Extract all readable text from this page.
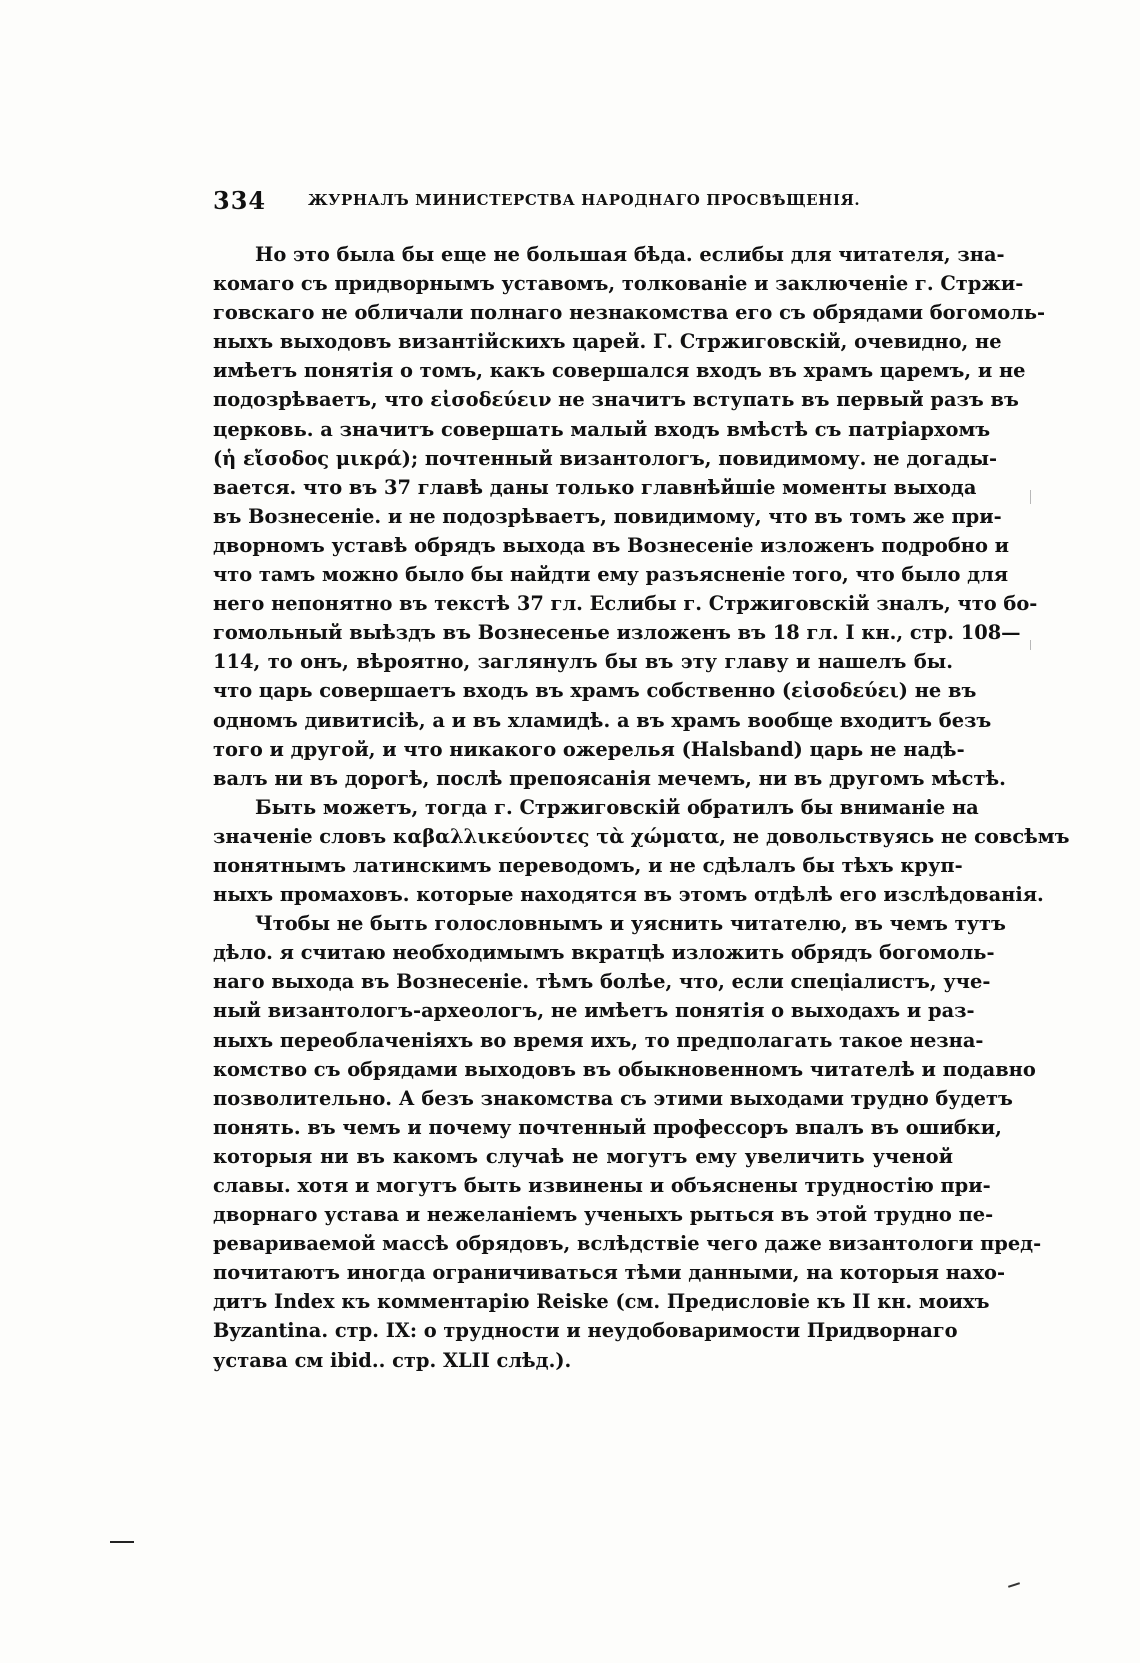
334	ЖУРНАЛЪ МИНИСТЕРСТВА НАРОДНАГО ПРОСВѢЩЕНІЯ.
Но это была бы еще не большая бѣда. еслибы для читателя, зна-
комаго съ придворнымъ уставомъ, толкованіе и заключеніе г. Стржи-
говскаго не обличали полнаго незнакомства его съ обрядами богомоль-
ныхъ выходовъ византійскихъ царей. Г. Стржиговскій, очевидно, не
имѣетъ понятія о томъ, какъ совершался входъ въ храмъ царемъ, и не
подозрѣваетъ, что εἰσοδεύειν не значитъ вступать въ первый разъ въ
церковь. а значитъ совершать малый входъ вмѣстѣ съ патріархомъ
(ἡ εἴσοδος μικρά); почтенный византологъ, повидимому. не догады-
вается. что въ 37 главѣ даны только главнѣйшіе моменты выхода
въ Вознесеніе. и не подозрѣваетъ, повидимому, что въ томъ же при-
дворномъ уставѣ обрядъ выхода въ Вознесеніе изложенъ подробно и
что тамъ можно было бы найдти ему разъясненіе того, что было для
него непонятно въ текстѣ 37 гл. Еслибы г. Стржиговскій зналъ, что бо-
гомольный выѣздъ въ Вознесенье изложенъ въ 18 гл. I кн., стр. 108—
114, то онъ, вѣроятно, заглянулъ бы въ эту главу и нашелъ бы.
что царь совершаетъ входъ въ храмъ собственно (εἰσοδεύει) не въ
одномъ дивитисіѣ, а и въ хламидѣ. а въ храмъ вообще входитъ безъ
того и другой, и что никакого ожерелья (Halsband) царь не надѣ-
валъ ни въ дорогѣ, послѣ препоясанія мечемъ, ни въ другомъ мѣстѣ.
Быть можетъ, тогда г. Стржиговскій обратилъ бы вниманіе на
значеніе словъ καβαλλικεύοντες τὰ χώματα, не довольствуясь не совсѣмъ
понятнымъ латинскимъ переводомъ, и не сдѣлалъ бы тѣхъ круп-
ныхъ промаховъ. которые находятся въ этомъ отдѣлѣ его изслѣдованія.
Чтобы не быть голословнымъ и уяснить читателю, въ чемъ тутъ
дѣло. я считаю необходимымъ вкратцѣ изложить обрядъ богомоль-
наго выхода въ Вознесеніе. тѣмъ болѣе, что, если спеціалистъ, уче-
ный византологъ-археологъ, не имѣетъ понятія о выходахъ и раз-
ныхъ переоблаченіяхъ во время ихъ, то предполагать такое незна-
комство съ обрядами выходовъ въ обыкновенномъ читателѣ и подавно
позволительно. А безъ знакомства съ этими выходами трудно будетъ
понять. въ чемъ и почему почтенный профессоръ впалъ въ ошибки,
которыя ни въ какомъ случаѣ не могутъ ему увеличить ученой
славы. хотя и могутъ быть извинены и объяснены трудностію при-
дворнаго устава и нежеланіемъ ученыхъ рыться въ этой трудно пе-
ревариваемой массѣ обрядовъ, вслѣдствіе чего даже византологи пред-
почитаютъ иногда ограничиваться тѣми данными, на которыя нахо-
дитъ Index къ комментарію Reiske (см. Предисловіе къ II кн. моихъ
Byzantina. стр. IX: о трудности и неудобоваримости Придворнаго
устава см ibid.. стр. XLII слѣд.).
